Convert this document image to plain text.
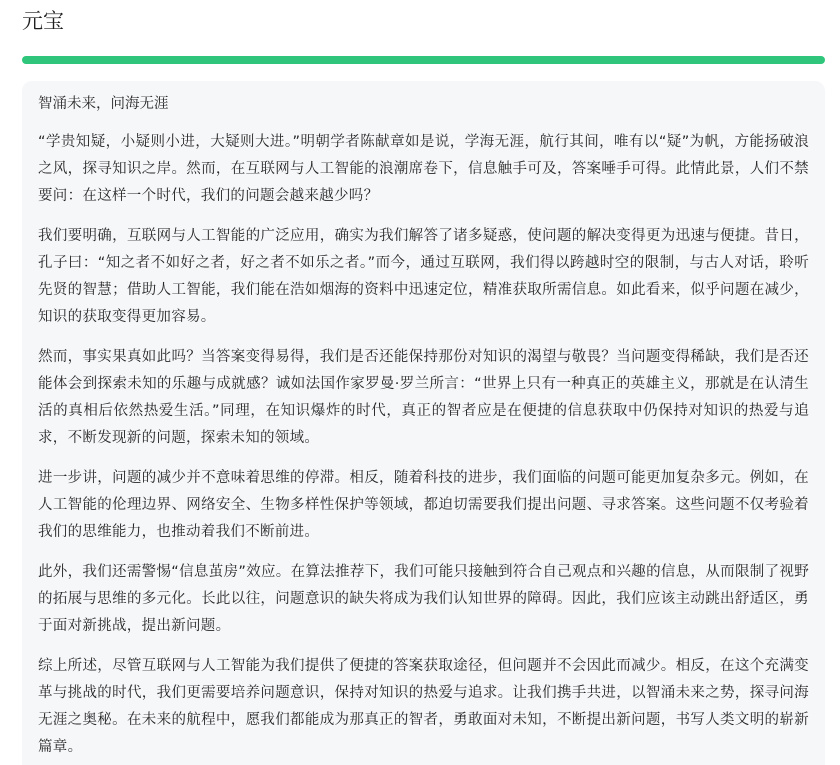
元宝

智涌未来，问海无涯

“学贵知疑，小疑则小进，大疑则大进。”明朝学者陈献章如是说，学海无涯，航行其间，唯有以“疑”为帆，方能扬破浪之风，探寻知识之岸。然而，在互联网与人工智能的浪潮席卷下，信息触手可及，答案唾手可得。此情此景，人们不禁要问：在这样一个时代，我们的问题会越来越少吗？

我们要明确，互联网与人工智能的广泛应用，确实为我们解答了诸多疑惑，使问题的解决变得更为迅速与便捷。昔日，孔子曰：“知之者不如好之者，好之者不如乐之者。”而今，通过互联网，我们得以跨越时空的限制，与古人对话，聆听先贤的智慧；借助人工智能，我们能在浩如烟海的资料中迅速定位，精准获取所需信息。如此看来，似乎问题在减少，知识的获取变得更加容易。

然而，事实果真如此吗？当答案变得易得，我们是否还能保持那份对知识的渴望与敬畏？当问题变得稀缺，我们是否还能体会到探索未知的乐趣与成就感？诚如法国作家罗曼·罗兰所言：“世界上只有一种真正的英雄主义，那就是在认清生活的真相后依然热爱生活。”同理，在知识爆炸的时代，真正的智者应是在便捷的信息获取中仍保持对知识的热爱与追求，不断发现新的问题，探索未知的领域。

进一步讲，问题的减少并不意味着思维的停滞。相反，随着科技的进步，我们面临的问题可能更加复杂多元。例如，在人工智能的伦理边界、网络安全、生物多样性保护等领域，都迫切需要我们提出问题、寻求答案。这些问题不仅考验着我们的思维能力，也推动着我们不断前进。

此外，我们还需警惕“信息茧房”效应。在算法推荐下，我们可能只接触到符合自己观点和兴趣的信息，从而限制了视野的拓展与思维的多元化。长此以往，问题意识的缺失将成为我们认知世界的障碍。因此，我们应该主动跳出舒适区，勇于面对新挑战，提出新问题。

综上所述，尽管互联网与人工智能为我们提供了便捷的答案获取途径，但问题并不会因此而减少。相反，在这个充满变革与挑战的时代，我们更需要培养问题意识，保持对知识的热爱与追求。让我们携手共进，以智涌未来之势，探寻问海无涯之奥秘。在未来的航程中，愿我们都能成为那真正的智者，勇敢面对未知，不断提出新问题，书写人类文明的崭新篇章。
